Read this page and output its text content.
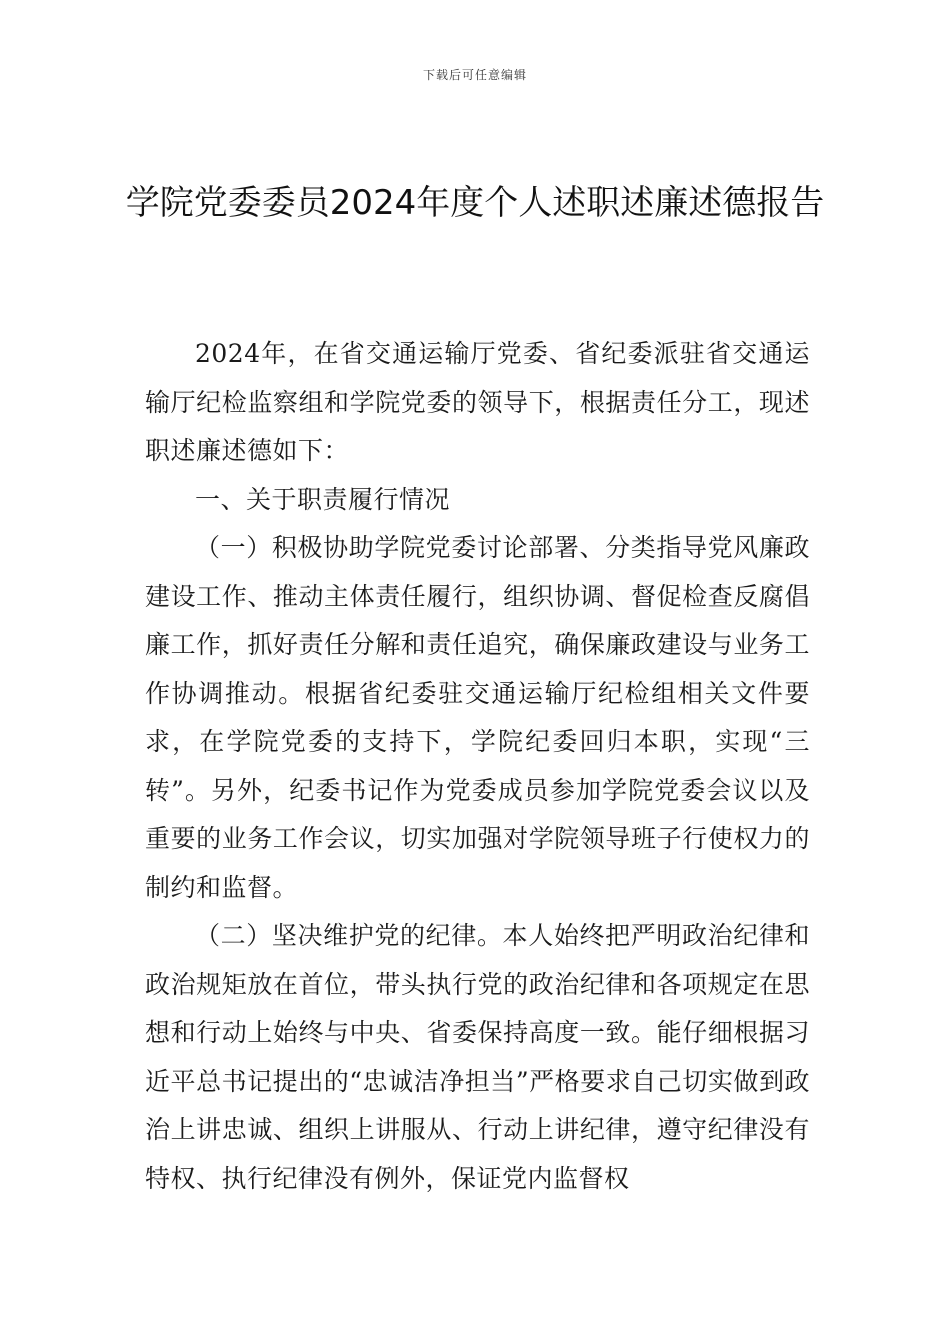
下载后可任意编辑
学院党委委员2024年度个人述职述廉述德报告

2024年，在省交通运输厅党委、省纪委派驻省交通运输厅纪检监察组和学院党委的领导下，根据责任分工，现述职述廉述德如下：

一、关于职责履行情况

（一）积极协助学院党委讨论部署、分类指导党风廉政建设工作、推动主体责任履行，组织协调、督促检查反腐倡廉工作，抓好责任分解和责任追究，确保廉政建设与业务工作协调推动。根据省纪委驻交通运输厅纪检组相关文件要求，在学院党委的支持下，学院纪委回归本职，实现“三转”。另外，纪委书记作为党委成员参加学院党委会议以及重要的业务工作会议，切实加强对学院领导班子行使权力的制约和监督。

（二）坚决维护党的纪律。本人始终把严明政治纪律和政治规矩放在首位，带头执行党的政治纪律和各项规定在思想和行动上始终与中央、省委保持高度一致。能仔细根据习近平总书记提出的“忠诚洁净担当”严格要求自己切实做到政治上讲忠诚、组织上讲服从、行动上讲纪律，遵守纪律没有特权、执行纪律没有例外，保证党内监督权
